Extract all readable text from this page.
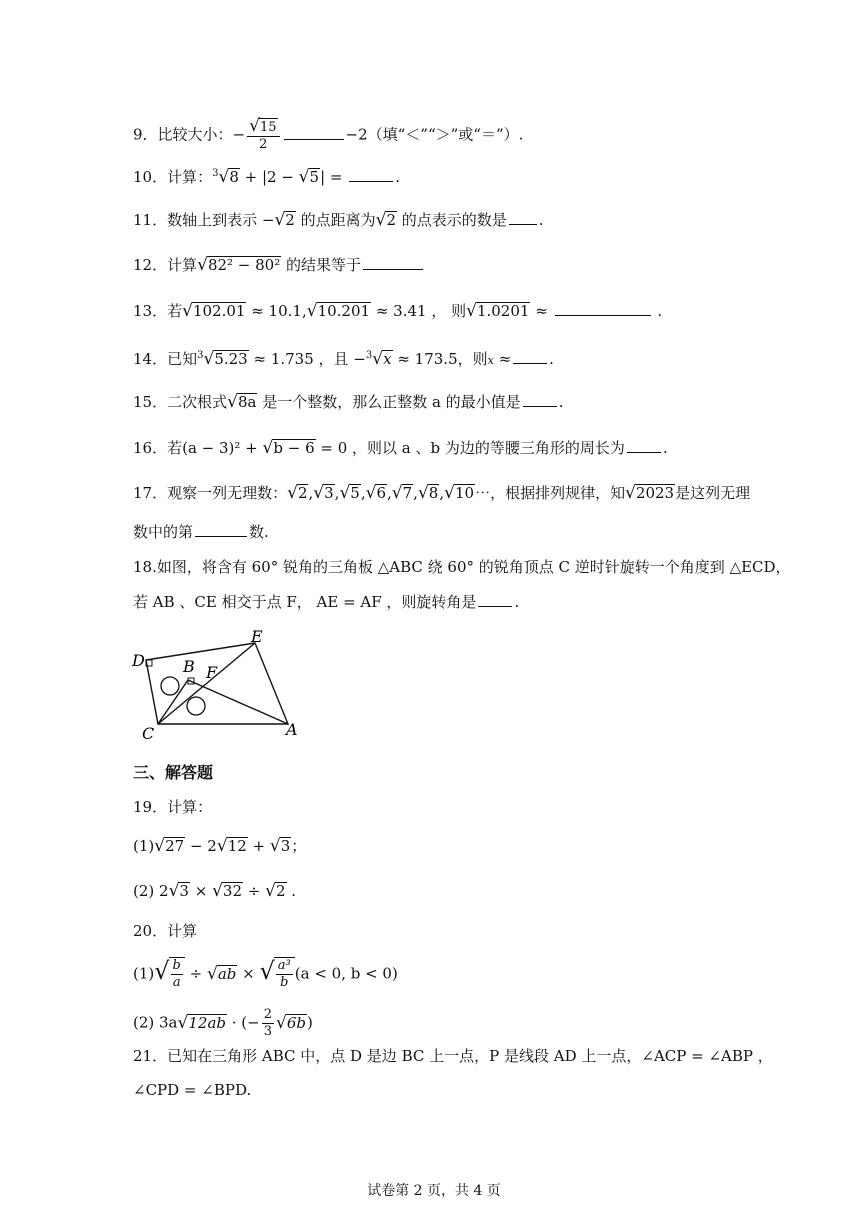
9．比较大小：− $\frac{√15}{2}$	−2（填“＜”“＞”或“＝”）.
10．计算：$^3$√8 + |2 − √5| =	.
11．数轴上到表示 −√2 的点距离为√2 的点表示的数是 .
12．计算√82² − 80² 的结果等于
13．若√102.01 ≈ 10.1,√10.201 ≈ 3.41 ， 则√1.0201 ≈	.
14．已知$^3$√5.23 ≈ 1.735 ，且 −$^3$√x ≈ 173.5，则x ≈	.
15．二次根式√8a 是一个整数，那么正整数 a 的最小值是	.
16．若(a − 3)² + √b − 6 = 0 ，则以 a 、b 为边的等腰三角形的周长为	.
17．观察一列无理数：√2,√3,√5,√6,√7,√8,√10⋯，根据排列规律，知√2023是这列无理
数中的第	数.
18.如图，将含有 60° 锐角的三角板 △ABC 绕 60° 的锐角顶点 C 逆时针旋转一个角度到 △ECD，
若 AB 、CE 相交于点 F， AE = AF ，则旋转角是	.
D
E
B F
C	A
三、解答题
19．计算：
(1)√27 − 2√12 + √3；
(2) 2√3 × √32 ÷ √2 .
20．计算
$(1)√ \frac{b}{a} \div √ab$ × √ $\frac{\text{a³}}{b} (a < 0$, b < 0)
(2) 3a√12ab · (− $\frac{2}{3} √6b$)
21．已知在三角形 ABC 中，点 D 是边 BC 上一点，P 是线段 AD 上一点，∠ACP = ∠ABP ，
∠CPD = ∠BPD.
试卷第 2 页，共 4 页
